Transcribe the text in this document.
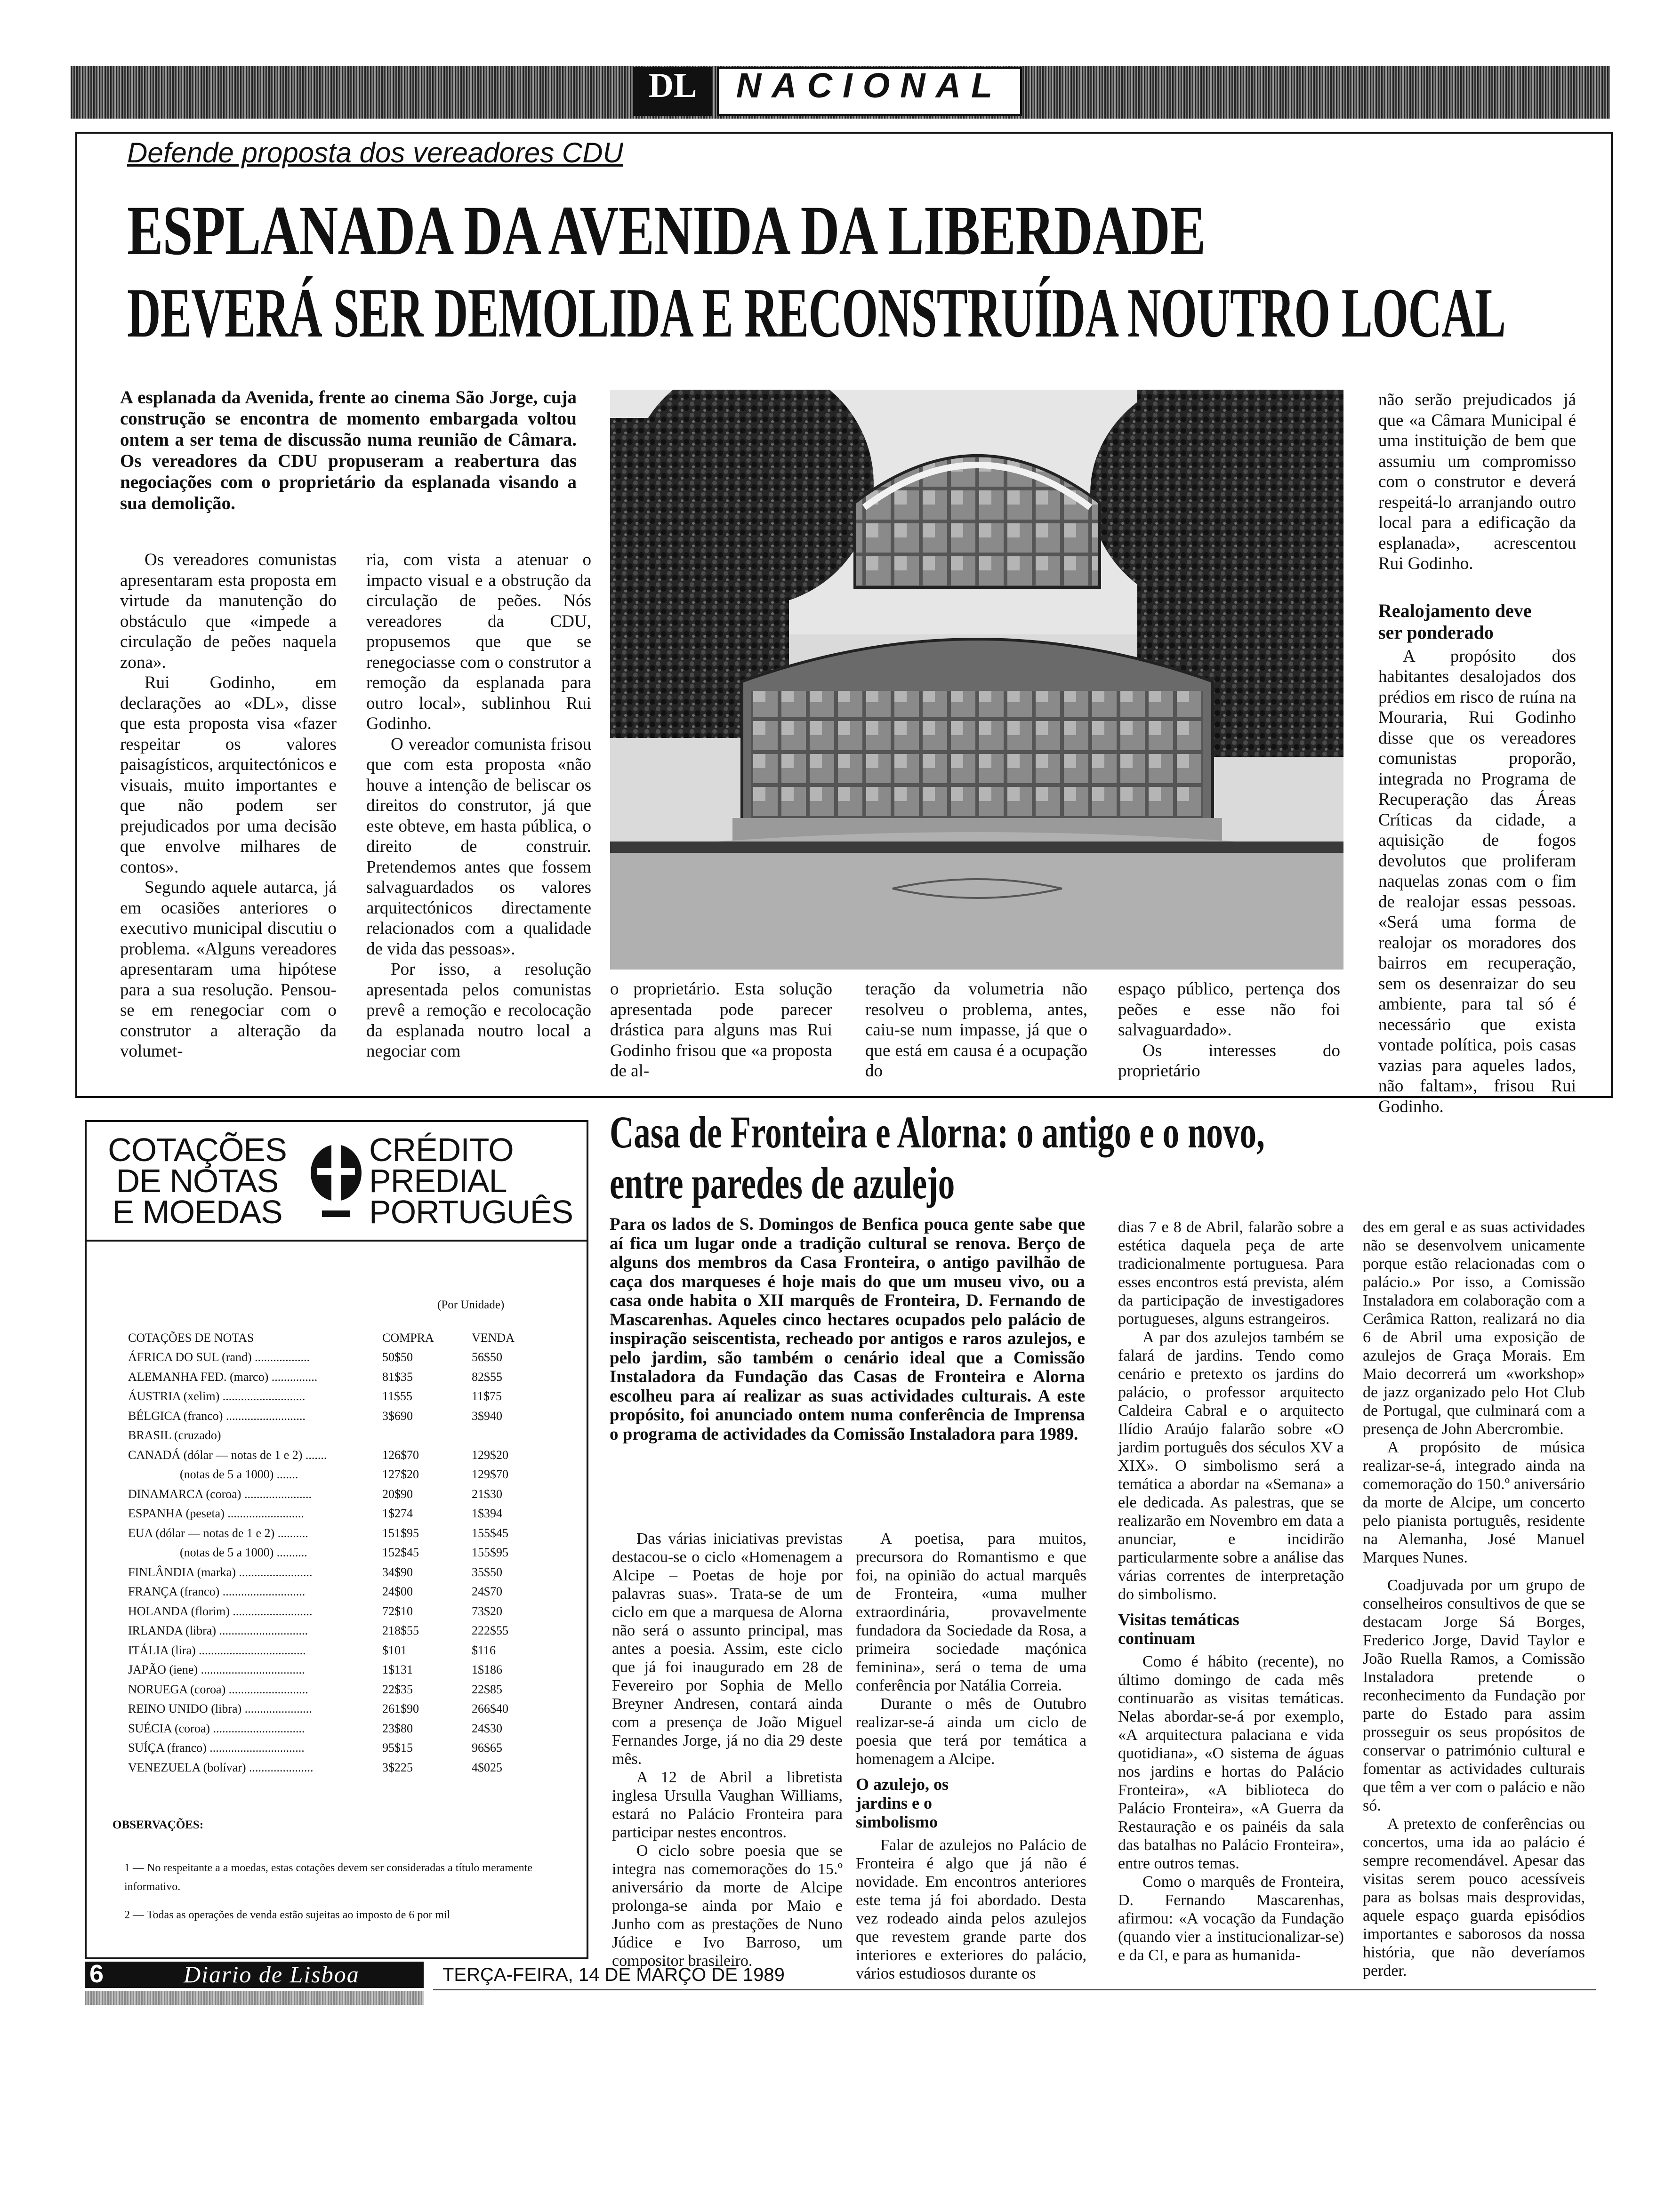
DL	NACIONAL
Defende proposta dos vereadores CDU
ESPLANADA DA AVENIDA DA LIBERDADE
DEVERÁ SER DEMOLIDA E RECONSTRUÍDA NOUTRO LOCAL
A esplanada da Avenida, frente ao cinema São Jorge, cuja construção se encontra de momento embargada voltou ontem a ser tema de discussão numa reunião de Câmara. Os vereadores da CDU propuseram a reabertura das negociações com o proprietário da esplanada visando a sua demolição.

Os vereadores comunistas apresentaram esta proposta em virtude da manutenção do obstáculo que «impede a circulação de peões naquela zona».

Rui Godinho, em declarações ao «DL», disse que esta proposta visa «fazer respeitar os valores paisagísticos, arquitectónicos e visuais, muito importantes e que não podem ser prejudicados por uma decisão que envolve milhares de contos».

Segundo aquele autarca, já em ocasiões anteriores o executivo municipal discutiu o problema. «Alguns vereadores apresentaram uma hipótese para a sua resolução. Pensou-se em renegociar com o construtor a alteração da volumet-

ria, com vista a atenuar o impacto visual e a obstrução da circulação de peões. Nós vereadores da CDU, propusemos que que se renegociasse com o construtor a remoção da esplanada para outro local», sublinhou Rui Godinho.

O vereador comunista frisou que com esta proposta «não houve a intenção de beliscar os direitos do construtor, já que este obteve, em hasta pública, o direito de construir. Pretendemos antes que fossem salvaguardados os valores arquitectónicos directamente relacionados com a qualidade de vida das pessoas».

Por isso, a resolução apresentada pelos comunistas prevê a remoção e recolocação da esplanada noutro local a negociar com

o proprietário. Esta solução apresentada pode parecer drástica para alguns mas Rui Godinho frisou que «a proposta de al-

teração da volumetria não resolveu o problema, antes, caiu-se num impasse, já que o que está em causa é a ocupação do

espaço público, pertença dos peões e esse não foi salvaguardado».

Os interesses do proprietário

não serão prejudicados já que «a Câmara Municipal é uma instituição de bem que assumiu um compromisso com o construtor e deverá respeitá-lo arranjando outro local para a edificação da esplanada», acrescentou Rui Godinho.

Realojamento deve ser ponderado

A propósito dos habitantes desalojados dos prédios em risco de ruína na Mouraria, Rui Godinho disse que os vereadores comunistas proporão, integrada no Programa de Recuperação das Áreas Críticas da cidade, a aquisição de fogos devolutos que proliferam naquelas zonas com o fim de realojar essas pessoas. «Será uma forma de realojar os moradores dos bairros em recuperação, sem os desenraizar do seu ambiente, para tal só é necessário que exista vontade política, pois casas vazias para aqueles lados, não faltam», frisou Rui Godinho.

COTAÇÕES
DE NOTAS
E MOEDAS
CRÉDITO
PREDIAL
PORTUGUÊS
(Por Unidade)
COTAÇÕES DE NOTAS	COMPRA	VENDA
ÁFRICA DO SUL (rand) ..................	50$50	56$50
ALEMANHA FED. (marco) ...............	81$35	82$55
ÁUSTRIA (xelim) ...........................	11$55	11$75
BÉLGICA (franco) ..........................	3$690	3$940
BRASIL (cruzado)		
CANADÁ (dólar — notas de 1 e 2) .......	126$70	129$20
(notas de 5 a 1000) .......	127$20	129$70
DINAMARCA (coroa) ......................	20$90	21$30
ESPANHA (peseta) .........................	1$274	1$394
EUA (dólar — notas de 1 e 2) ..........	151$95	155$45
(notas de 5 a 1000) ..........	152$45	155$95
FINLÂNDIA (marka) ........................	34$90	35$50
FRANÇA (franco) ...........................	24$00	24$70
HOLANDA (florim) ..........................	72$10	73$20
IRLANDA (libra) .............................	218$55	222$55
ITÁLIA (lira) ...................................	$101	$116
JAPÃO (iene) ..................................	1$131	1$186
NORUEGA (coroa) ..........................	22$35	22$85
REINO UNIDO (libra) ......................	261$90	266$40
SUÉCIA (coroa) ..............................	23$80	24$30
SUÍÇA (franco) ...............................	95$15	96$65
VENEZUELA (bolívar) .....................	3$225	4$025
OBSERVAÇÕES:
1 — No respeitante a a moedas, estas cotações devem ser consideradas a título meramente informativo.
2 — Todas as operações de venda estão sujeitas ao imposto de 6 por mil
Casa de Fronteira e Alorna: o antigo e o novo,
entre paredes de azulejo
Para os lados de S. Domingos de Benfica pouca gente sabe que aí fica um lugar onde a tradição cultural se renova. Berço de alguns dos membros da Casa Fronteira, o antigo pavilhão de caça dos marqueses é hoje mais do que um museu vivo, ou a casa onde habita o XII marquês de Fronteira, D. Fernando de Mascarenhas. Aqueles cinco hectares ocupados pelo palácio de inspiração seiscentista, recheado por antigos e raros azulejos, e pelo jardim, são também o cenário ideal que a Comissão Instaladora da Fundação das Casas de Fronteira e Alorna escolheu para aí realizar as suas actividades culturais. A este propósito, foi anunciado ontem numa conferência de Imprensa o programa de actividades da Comissão Instaladora para 1989.

Das várias iniciativas previstas destacou-se o ciclo «Homenagem a Alcipe – Poetas de hoje por palavras suas». Trata-se de um ciclo em que a marquesa de Alorna não será o assunto principal, mas antes a poesia. Assim, este ciclo que já foi inaugurado em 28 de Fevereiro por Sophia de Mello Breyner Andresen, contará ainda com a presença de João Miguel Fernandes Jorge, já no dia 29 deste mês.

A 12 de Abril a libretista inglesa Ursulla Vaughan Williams, estará no Palácio Fronteira para participar nestes encontros.

O ciclo sobre poesia que se integra nas comemorações do 15.º aniversário da morte de Alcipe prolonga-se ainda por Maio e Junho com as prestações de Nuno Júdice e Ivo Barroso, um compositor brasileiro.

A poetisa, para muitos, precursora do Romantismo e que foi, na opinião do actual marquês de Fronteira, «uma mulher extraordinária, provavelmente fundadora da Sociedade da Rosa, a primeira sociedade maçónica feminina», será o tema de uma conferência por Natália Correia.

Durante o mês de Outubro realizar-se-á ainda um ciclo de poesia que terá por temática a homenagem a Alcipe.

O azulejo, os jardins e o simbolismo

Falar de azulejos no Palácio de Fronteira é algo que já não é novidade. Em encontros anteriores este tema já foi abordado. Desta vez rodeado ainda pelos azulejos que revestem grande parte dos interiores e exteriores do palácio, vários estudiosos durante os

dias 7 e 8 de Abril, falarão sobre a estética daquela peça de arte tradicionalmente portuguesa. Para esses encontros está prevista, além da participação de investigadores portugueses, alguns estrangeiros.

A par dos azulejos também se falará de jardins. Tendo como cenário e pretexto os jardins do palácio, o professor arquitecto Caldeira Cabral e o arquitecto Ilídio Araújo falarão sobre «O jardim português dos séculos XV a XIX». O simbolismo será a temática a abordar na «Semana» a ele dedicada. As palestras, que se realizarão em Novembro em data a anunciar, e incidirão particularmente sobre a análise das várias correntes de interpretação do simbolismo.

Visitas temáticas continuam

Como é hábito (recente), no último domingo de cada mês continuarão as visitas temáticas. Nelas abordar-se-á por exemplo, «A arquitectura palaciana e vida quotidiana», «O sistema de águas nos jardins e hortas do Palácio Fronteira», «A biblioteca do Palácio Fronteira», «A Guerra da Restauração e os painéis da sala das batalhas no Palácio Fronteira», entre outros temas.

Como o marquês de Fronteira, D. Fernando Mascarenhas, afirmou: «A vocação da Fundação (quando vier a institucionalizar-se) e da CI, e para as humanida-

des em geral e as suas actividades não se desenvolvem unicamente porque estão relacionadas com o palácio.» Por isso, a Comissão Instaladora em colaboração com a Cerâmica Ratton, realizará no dia 6 de Abril uma exposição de azulejos de Graça Morais. Em Maio decorrerá um «workshop» de jazz organizado pelo Hot Club de Portugal, que culminará com a presença de John Abercrombie.

A propósito de música realizar-se-á, integrado ainda na comemoração do 150.º aniversário da morte de Alcipe, um concerto pelo pianista português, residente na Alemanha, José Manuel Marques Nunes.

Coadjuvada por um grupo de conselheiros consultivos de que se destacam Jorge Sá Borges, Frederico Jorge, David Taylor e João Ruella Ramos, a Comissão Instaladora pretende o reconhecimento da Fundação por parte do Estado para assim prosseguir os seus propósitos de conservar o património cultural e fomentar as actividades culturais que têm a ver com o palácio e não só.

A pretexto de conferências ou concertos, uma ida ao palácio é sempre recomendável. Apesar das visitas serem pouco acessíveis para as bolsas mais desprovidas, aquele espaço guarda episódios importantes e saborosos da nossa história, que não deveríamos perder.

6	Diario de Lisboa	TERÇA-FEIRA, 14 DE MARÇO DE 1989
